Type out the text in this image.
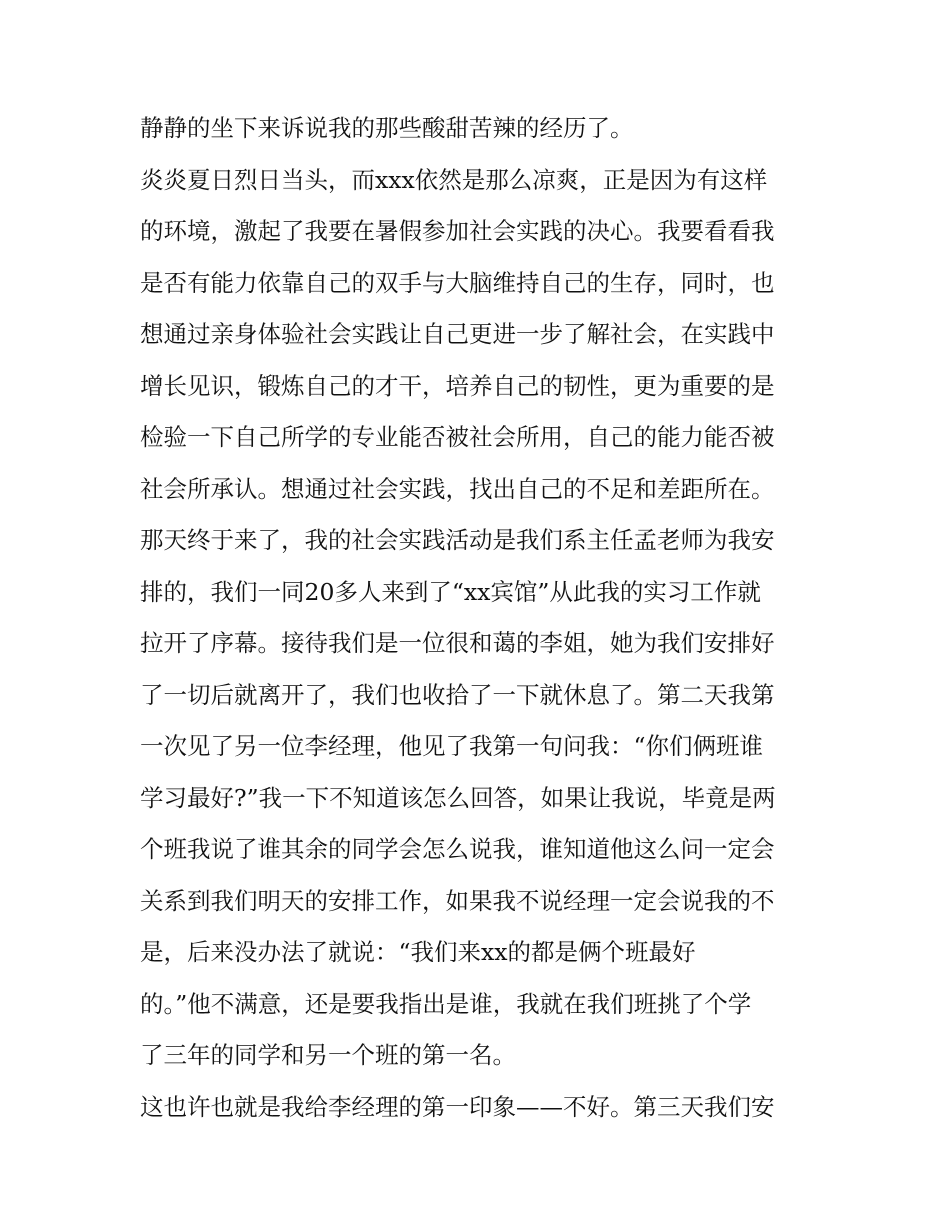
静静的坐下来诉说我的那些酸甜苦辣的经历了。
炎炎夏日烈日当头，而xxx依然是那么凉爽，正是因为有这样
的环境，激起了我要在暑假参加社会实践的决心。我要看看我
是否有能力依靠自己的双手与大脑维持自己的生存，同时，也
想通过亲身体验社会实践让自己更进一步了解社会，在实践中
增长见识，锻炼自己的才干，培养自己的韧性，更为重要的是
检验一下自己所学的专业能否被社会所用，自己的能力能否被
社会所承认。想通过社会实践，找出自己的不足和差距所在。
那天终于来了，我的社会实践活动是我们系主任孟老师为我安
排的，我们一同20多人来到了“xx宾馆”从此我的实习工作就
拉开了序幕。接待我们是一位很和蔼的李姐，她为我们安排好
了一切后就离开了，我们也收拾了一下就休息了。第二天我第
一次见了另一位李经理，他见了我第一句问我：“你们俩班谁
学习最好?”我一下不知道该怎么回答，如果让我说，毕竟是两
个班我说了谁其余的同学会怎么说我，谁知道他这么问一定会
关系到我们明天的安排工作，如果我不说经理一定会说我的不
是，后来没办法了就说：“我们来xx的都是俩个班最好
的。”他不满意，还是要我指出是谁，我就在我们班挑了个学
了三年的同学和另一个班的第一名。
这也许也就是我给李经理的第一印象——不好。第三天我们安
